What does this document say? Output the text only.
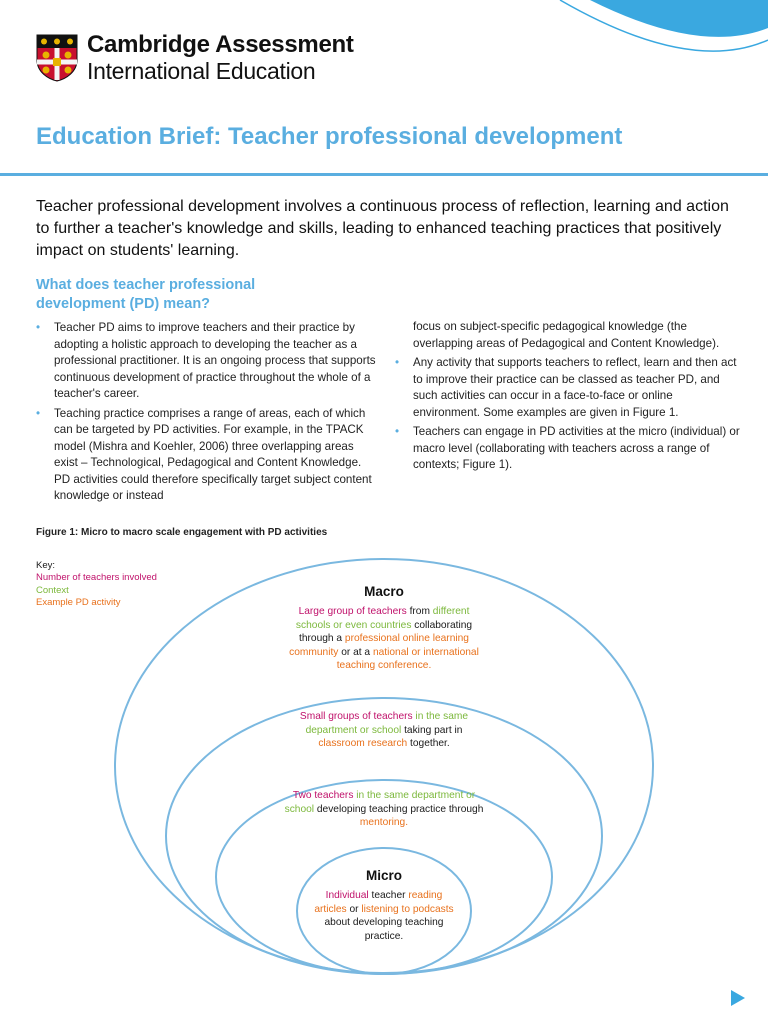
Cambridge Assessment
International Education
Education Brief: Teacher professional development
Teacher professional development involves a continuous process of reflection, learning and action to further a teacher's knowledge and skills, leading to enhanced teaching practices that positively impact on students' learning.
What does teacher professional development (PD) mean?
• Teacher PD aims to improve teachers and their practice by adopting a holistic approach to developing the teacher as a professional practitioner. It is an ongoing process that supports continuous development of practice throughout the whole of a teacher's career.
• Teaching practice comprises a range of areas, each of which can be targeted by PD activities. For example, in the TPACK model (Mishra and Koehler, 2006) three overlapping areas exist – Technological, Pedagogical and Content Knowledge. PD activities could therefore specifically target subject content knowledge or instead
focus on subject-specific pedagogical knowledge (the overlapping areas of Pedagogical and Content Knowledge).
• Any activity that supports teachers to reflect, learn and then act to improve their practice can be classed as teacher PD, and such activities can occur in a face-to-face or online environment. Some examples are given in Figure 1.
• Teachers can engage in PD activities at the micro (individual) or macro level (collaborating with teachers across a range of contexts; Figure 1).
Figure 1: Micro to macro scale engagement with PD activities
Key:
Number of teachers involved
Context
Example PD activity
Macro
Large group of teachers from different schools or even countries collaborating through a professional online learning community or at a national or international teaching conference.
Small groups of teachers in the same department or school taking part in classroom research together.
Two teachers in the same department or school developing teaching practice through mentoring.
Micro
Individual teacher reading articles or listening to podcasts about developing teaching practice.
